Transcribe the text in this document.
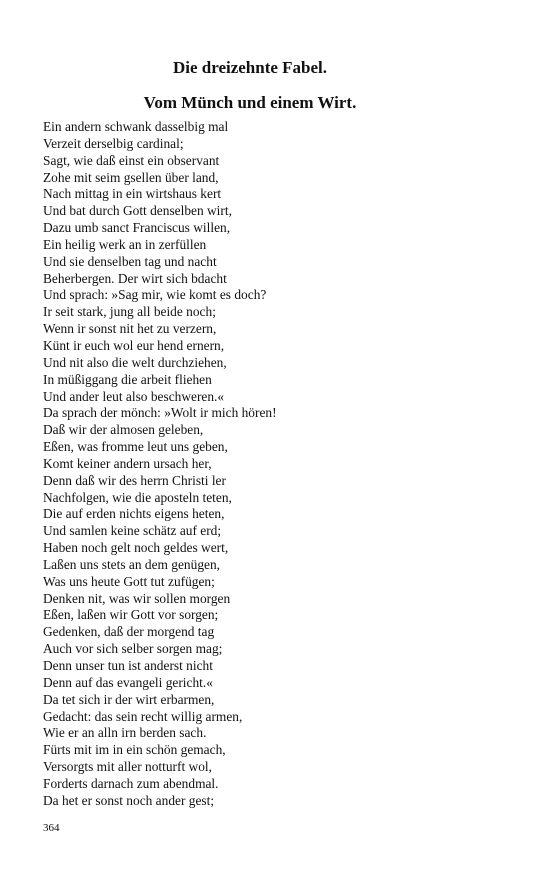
Die dreizehnte Fabel.
Vom Münch und einem Wirt.
Ein andern schwank dasselbig mal
Verzeit derselbig cardinal;
Sagt, wie daß einst ein observant
Zohe mit seim gsellen über land,
Nach mittag in ein wirtshaus kert
Und bat durch Gott denselben wirt,
Dazu umb sanct Franciscus willen,
Ein heilig werk an in zerfüllen
Und sie denselben tag und nacht
Beherbergen. Der wirt sich bdacht
Und sprach: »Sag mir, wie komt es doch?
Ir seit stark, jung all beide noch;
Wenn ir sonst nit het zu verzern,
Künt ir euch wol eur hend ernern,
Und nit also die welt durchziehen,
In müßiggang die arbeit fliehen
Und ander leut also beschweren.«
Da sprach der mönch: »Wolt ir mich hören!
Daß wir der almosen geleben,
Eßen, was fromme leut uns geben,
Komt keiner andern ursach her,
Denn daß wir des herrn Christi ler
Nachfolgen, wie die aposteln teten,
Die auf erden nichts eigens heten,
Und samlen keine schätz auf erd;
Haben noch gelt noch geldes wert,
Laßen uns stets an dem genügen,
Was uns heute Gott tut zufügen;
Denken nit, was wir sollen morgen
Eßen, laßen wir Gott vor sorgen;
Gedenken, daß der morgend tag
Auch vor sich selber sorgen mag;
Denn unser tun ist anderst nicht
Denn auf das evangeli gericht.«
Da tet sich ir der wirt erbarmen,
Gedacht: das sein recht willig armen,
Wie er an alln irn berden sach.
Fürts mit im in ein schön gemach,
Versorgts mit aller notturft wol,
Forderts darnach zum abendmal.
Da het er sonst noch ander gest;
364
